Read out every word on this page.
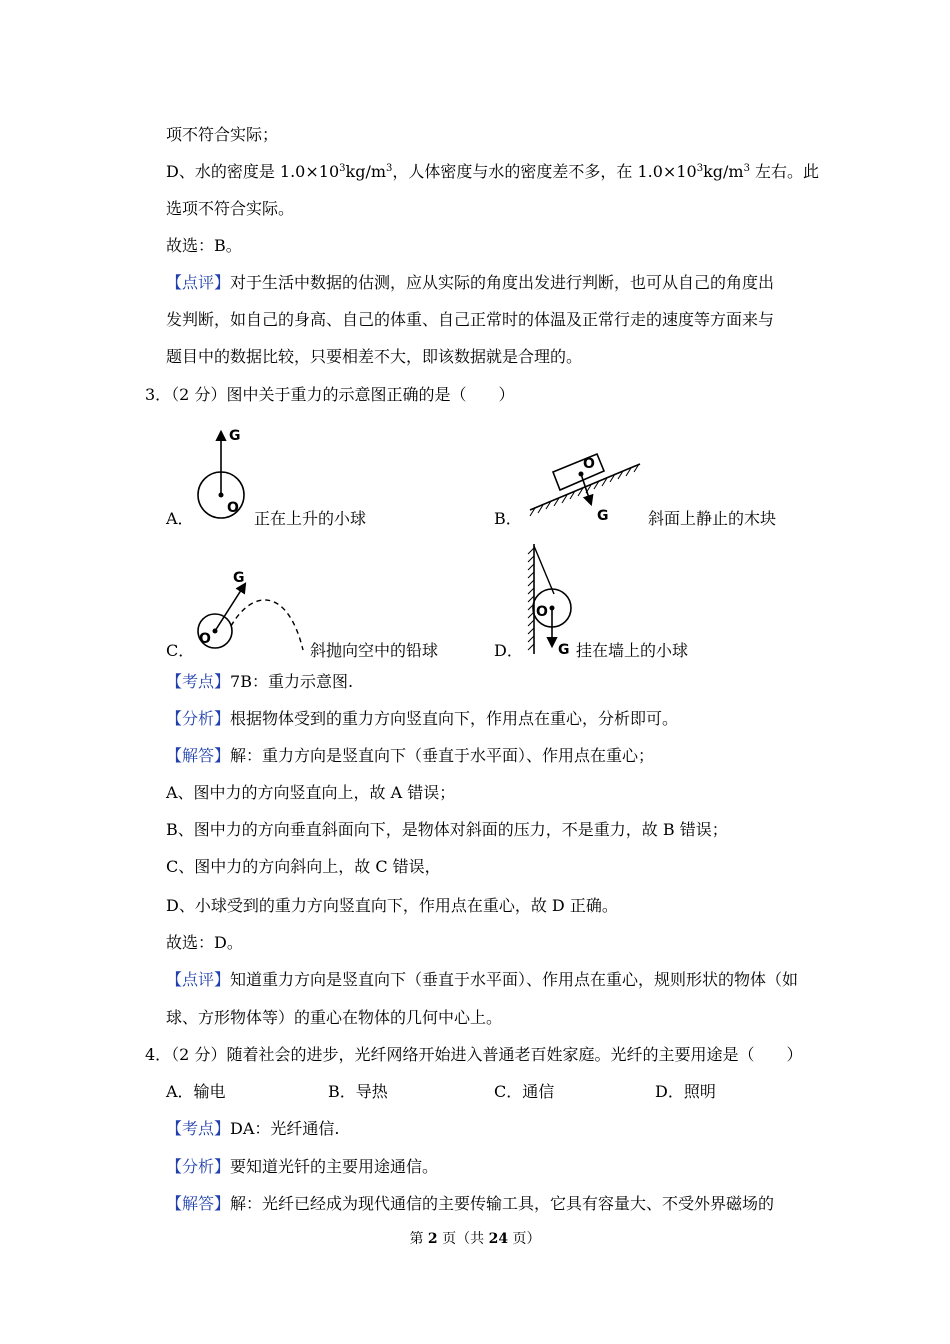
项不符合实际；
D、水的密度是 $1.0\times 10^3kg/m^3$，人体密度与水的密度差不多，在 $1.0\times 10^3kg/m^3$ 左右。此
选项不符合实际。
故选：B。
【点评】对于生活中数据的估测，应从实际的角度出发进行判断，也可从自己的角度出
发判断，如自己的身高、自己的体重、自己正常时的体温及正常行走的速度等方面来与
题目中的数据比较，只要相差不大，即该数据就是合理的。
3．（2 分）图中关于重力的示意图正确的是（　　）
G
O
A．	正在上升的小球
O
G
B．	斜面上静止的木块
G
O
C．	斜抛向空中的铅球
O
G
D．	挂在墙上的小球
【考点】7B：重力示意图.
【分析】根据物体受到的重力方向竖直向下，作用点在重心，分析即可。
【解答】解：重力方向是竖直向下（垂直于水平面）、作用点在重心；
A、图中力的方向竖直向上，故 A 错误；
B、图中力的方向垂直斜面向下，是物体对斜面的压力，不是重力，故 B 错误；
C、图中力的方向斜向上，故 C 错误，
D、小球受到的重力方向竖直向下，作用点在重心，故 D 正确。
故选：D。
【点评】知道重力方向是竖直向下（垂直于水平面）、作用点在重心，规则形状的物体（如
球、方形物体等）的重心在物体的几何中心上。
4．（2 分）随着社会的进步，光纤网络开始进入普通老百姓家庭。光纤的主要用途是（　　）
A．输电	B．导热	C．通信	D．照明
【考点】DA：光纤通信.
【分析】要知道光钎的主要用途通信。
【解答】解：光纤已经成为现代通信的主要传输工具，它具有容量大、不受外界磁场的
第 2 页（共 24 页）
